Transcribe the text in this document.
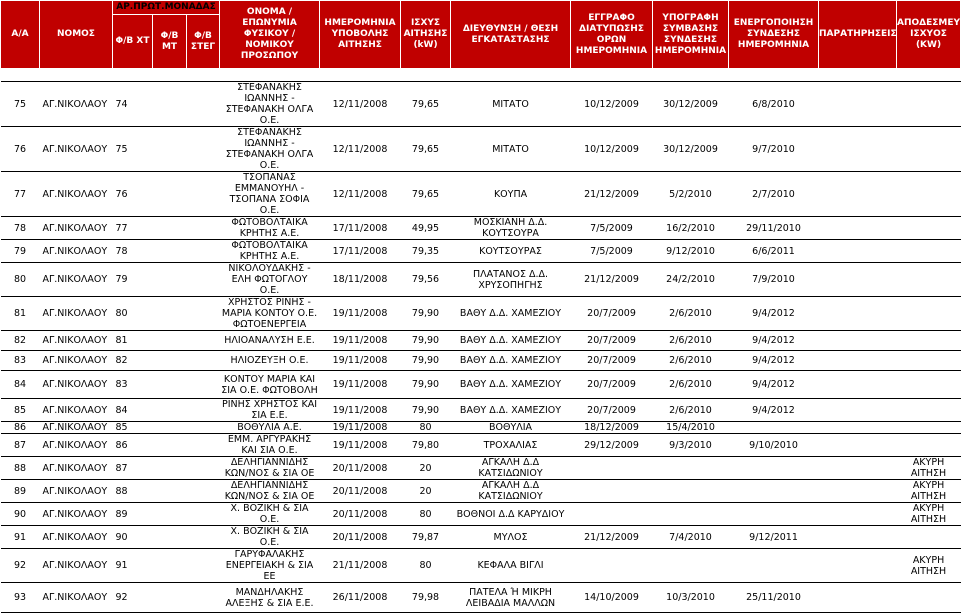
Α/Α	ΝΟΜΟΣ	ΑΡ.ΠΡΩΤ.ΜΟΝΑΔΑΣ			ΟΝΟΜΑ / ΕΠΩΝΥΜΙΑ ΦΥΣΙΚΟΥ / ΝΟΜΙΚΟΥ ΠΡΟΣΩΠΟΥ	ΗΜΕΡΟΜΗΝΙΑ ΥΠΟΒΟΛΗΣ ΑΙΤΗΣΗΣ	ΙΣΧΥΣ ΑΙΤΗΣΗΣ (kW)	ΔΙΕΥΘΥΝΣΗ / ΘΕΣΗ ΕΓΚΑΤΑΣΤΑΣΗΣ	ΕΓΓΡΑΦΟ ΔΙΑΤΥΠΩΣΗΣ ΟΡΩΝ ΗΜΕΡΟΜΗΝΙΑ	ΥΠΟΓΡΑΦΗ ΣΥΜΒΑΣΗΣ ΣΥΝΔΕΣΗΣ ΗΜΕΡΟΜΗΝΙΑ	ΕΝΕΡΓΟΠΟΙΗΣΗ ΣΥΝΔΕΣΗΣ ΗΜΕΡΟΜΗΝΙΑ	ΠΑΡΑΤΗΡΗΣΕΙΣ	ΑΠΟΔΕΣΜΕΥΣΗ ΙΣΧΥΟΣ (KW)
		Φ/Β ΧΤ	Φ/Β ΜΤ	Φ/Β ΣΤΕΓ									

75	ΑΓ.ΝΙΚΟΛΑΟΥ	74			ΣΤΕΦΑΝΑΚΗΣ ΙΩΑΝΝΗΣ - ΣΤΕΦΑΝΑΚΗ ΟΛΓΑ Ο.Ε.	12/11/2008	79,65	ΜΙΤΑΤΟ	10/12/2009	30/12/2009	6/8/2010		
76	ΑΓ.ΝΙΚΟΛΑΟΥ	75			ΣΤΕΦΑΝΑΚΗΣ ΙΩΑΝΝΗΣ - ΣΤΕΦΑΝΑΚΗ ΟΛΓΑ Ο.Ε.	12/11/2008	79,65	ΜΙΤΑΤΟ	10/12/2009	30/12/2009	9/7/2010		
77	ΑΓ.ΝΙΚΟΛΑΟΥ	76			ΤΣΟΠΑΝΑΣ ΕΜΜΑΝΟΥΗΛ - ΤΣΟΠΑΝΑ ΣΟΦΙΑ Ο.Ε.	12/11/2008	79,65	ΚΟΥΠΑ	21/12/2009	5/2/2010	2/7/2010		
78	ΑΓ.ΝΙΚΟΛΑΟΥ	77			ΦΩΤΟΒΟΛΤΑΙΚΑ ΚΡΗΤΗΣ Α.Ε.	17/11/2008	49,95	ΜΟΣΚΙΑΝΗ Δ.Δ. ΚΟΥΤΣΟΥΡΑ	7/5/2009	16/2/2010	29/11/2010		
79	ΑΓ.ΝΙΚΟΛΑΟΥ	78			ΦΩΤΟΒΟΛΤΑΙΚΑ ΚΡΗΤΗΣ Α.Ε.	17/11/2008	79,35	ΚΟΥΤΣΟΥΡΑΣ	7/5/2009	9/12/2010	6/6/2011		
80	ΑΓ.ΝΙΚΟΛΑΟΥ	79			ΝΙΚΟΛΟΥΔΑΚΗΣ - ΕΛΗ ΦΩΤΟΓΛΟΥ Ο.Ε.	18/11/2008	79,56	ΠΛΑΤΑΝΟΣ Δ.Δ. ΧΡΥΣΟΠΗΓΗΣ	21/12/2009	24/2/2010	7/9/2010		
81	ΑΓ.ΝΙΚΟΛΑΟΥ	80			ΧΡΗΣΤΟΣ ΡΙΝΗΣ - ΜΑΡΙΑ ΚΟΝΤΟΥ Ο.Ε. ΦΩΤΟΕΝΕΡΓΕΙΑ	19/11/2008	79,90	ΒΑΘΥ Δ.Δ. ΧΑΜΕΖΙΟΥ	20/7/2009	2/6/2010	9/4/2012		
82	ΑΓ.ΝΙΚΟΛΑΟΥ	81			ΗΛΙΟΑΝΑΛΥΣΗ Ε.Ε.	19/11/2008	79,90	ΒΑΘΥ Δ.Δ. ΧΑΜΕΖΙΟΥ	20/7/2009	2/6/2010	9/4/2012		
83	ΑΓ.ΝΙΚΟΛΑΟΥ	82			ΗΛΙΟΖΕΥΞΗ Ο.Ε.	19/11/2008	79,90	ΒΑΘΥ Δ.Δ. ΧΑΜΕΖΙΟΥ	20/7/2009	2/6/2010	9/4/2012		
84	ΑΓ.ΝΙΚΟΛΑΟΥ	83			ΚΟΝΤΟΥ ΜΑΡΙΑ ΚΑΙ ΣΙΑ Ο.Ε. ΦΩΤΟΒΟΛΗ	19/11/2008	79,90	ΒΑΘΥ Δ.Δ. ΧΑΜΕΖΙΟΥ	20/7/2009	2/6/2010	9/4/2012		
85	ΑΓ.ΝΙΚΟΛΑΟΥ	84			ΡΙΝΗΣ ΧΡΗΣΤΟΣ ΚΑΙ ΣΙΑ Ε.Ε.	19/11/2008	79,90	ΒΑΘΥ Δ.Δ. ΧΑΜΕΖΙΟΥ	20/7/2009	2/6/2010	9/4/2012		
86	ΑΓ.ΝΙΚΟΛΑΟΥ	85			ΒΟΘΥΛΙΑ Α.Ε.	19/11/2008	80	ΒΟΘΥΛΙΑ	18/12/2009	15/4/2010			
87	ΑΓ.ΝΙΚΟΛΑΟΥ	86			ΕΜΜ. ΑΡΓΥΡΑΚΗΣ ΚΑΙ ΣΙΑ Ο.Ε.	19/11/2008	79,80	ΤΡΟΧΑΛΙΑΣ	29/12/2009	9/3/2010	9/10/2010		
88	ΑΓ.ΝΙΚΟΛΑΟΥ	87			ΔΕΛΗΓΙΑΝΝΙΔΗΣ ΚΩΝ/ΝΟΣ & ΣΙΑ ΟΕ	20/11/2008	20	ΑΓΚΑΛΗ Δ.Δ ΚΑΤΣΙΔΩΝΙΟΥ					ΑΚΥΡΗ ΑΙΤΗΣΗ
89	ΑΓ.ΝΙΚΟΛΑΟΥ	88			ΔΕΛΗΓΙΑΝΝΙΔΗΣ ΚΩΝ/ΝΟΣ & ΣΙΑ ΟΕ	20/11/2008	20	ΑΓΚΑΛΗ Δ.Δ ΚΑΤΣΙΔΩΝΙΟΥ					ΑΚΥΡΗ ΑΙΤΗΣΗ
90	ΑΓ.ΝΙΚΟΛΑΟΥ	89			Χ. ΒΟΖΙΚΗ & ΣΙΑ Ο.Ε.	20/11/2008	80	ΒΟΘΝΟΙ Δ.Δ ΚΑΡΥΔΙΟΥ					ΑΚΥΡΗ ΑΙΤΗΣΗ
91	ΑΓ.ΝΙΚΟΛΑΟΥ	90			Χ. ΒΟΖΙΚΗ & ΣΙΑ Ο.Ε.	20/11/2008	79,87	ΜΥΛΟΣ	21/12/2009	7/4/2010	9/12/2011		
92	ΑΓ.ΝΙΚΟΛΑΟΥ	91			ΓΑΡΥΦΑΛΑΚΗΣ ΕΝΕΡΓΕΙΑΚΗ & ΣΙΑ ΕΕ	21/11/2008	80	ΚΕΦΑΛΑ ΒΙΓΛΙ					ΑΚΥΡΗ ΑΙΤΗΣΗ
93	ΑΓ.ΝΙΚΟΛΑΟΥ	92			ΜΑΝΔΗΛΑΚΗΣ ΑΛΕΞΗΣ & ΣΙΑ Ε.Ε.	26/11/2008	79,98	ΠΑΤΕΛΑ Ή ΜΙΚΡΗ ΛΕΙΒΑΔΙΑ ΜΑΛΛΩΝ	14/10/2009	10/3/2010	25/11/2010		
